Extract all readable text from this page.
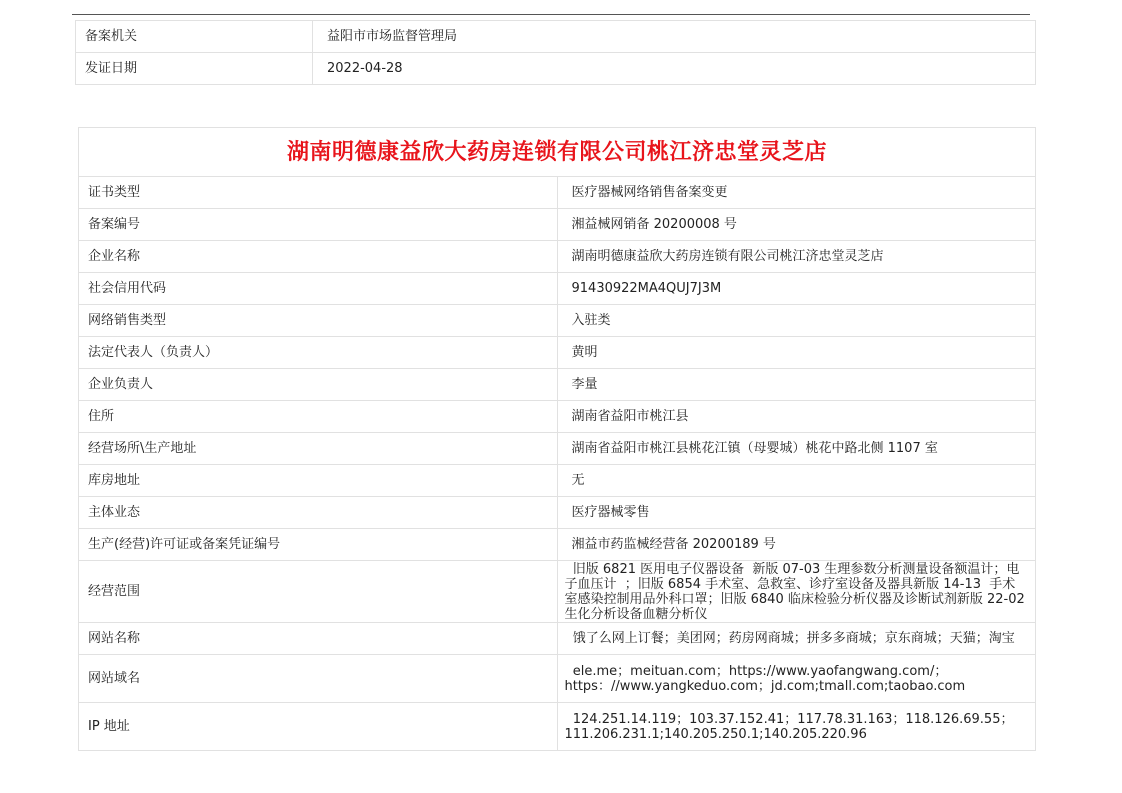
备案机关	益阳市市场监督管理局
发证日期	2022-04-28
湖南明德康益欣大药房连锁有限公司桃江济忠堂灵芝店	
证书类型	医疗器械网络销售备案变更
备案编号	湘益械网销备 20200008 号
企业名称	湖南明德康益欣大药房连锁有限公司桃江济忠堂灵芝店
社会信用代码	91430922MA4QUJ7J3M
网络销售类型	入驻类
法定代表人（负责人）	黄明
企业负责人	李量
住所	湖南省益阳市桃江县
经营场所\生产地址	湖南省益阳市桃江县桃花江镇（母婴城）桃花中路北侧 1107 室
库房地址	无
主体业态	医疗器械零售
生产(经营)许可证或备案凭证编号	湘益市药监械经营备 20200189 号
经营范围	旧版 6821 医用电子仪器设备  新版 07-03 生理参数分析测量设备额温计；电子血压计  ；旧版 6854 手术室、急救室、诊疗室设备及器具新版 14-13  手术室感染控制用品外科口罩；旧版 6840 临床检验分析仪器及诊断试剂新版 22-02 生化分析设备血糖分析仪
网站名称	饿了么网上订餐；美团网；药房网商城；拼多多商城；京东商城；天猫；淘宝
网站域名	ele.me；meituan.com；https://www.yaofangwang.com/；https：//www.yangkeduo.com；jd.com;tmall.com;taobao.com
IP 地址	124.251.14.119；103.37.152.41；117.78.31.163；118.126.69.55；111.206.231.1;140.205.250.1;140.205.220.96
